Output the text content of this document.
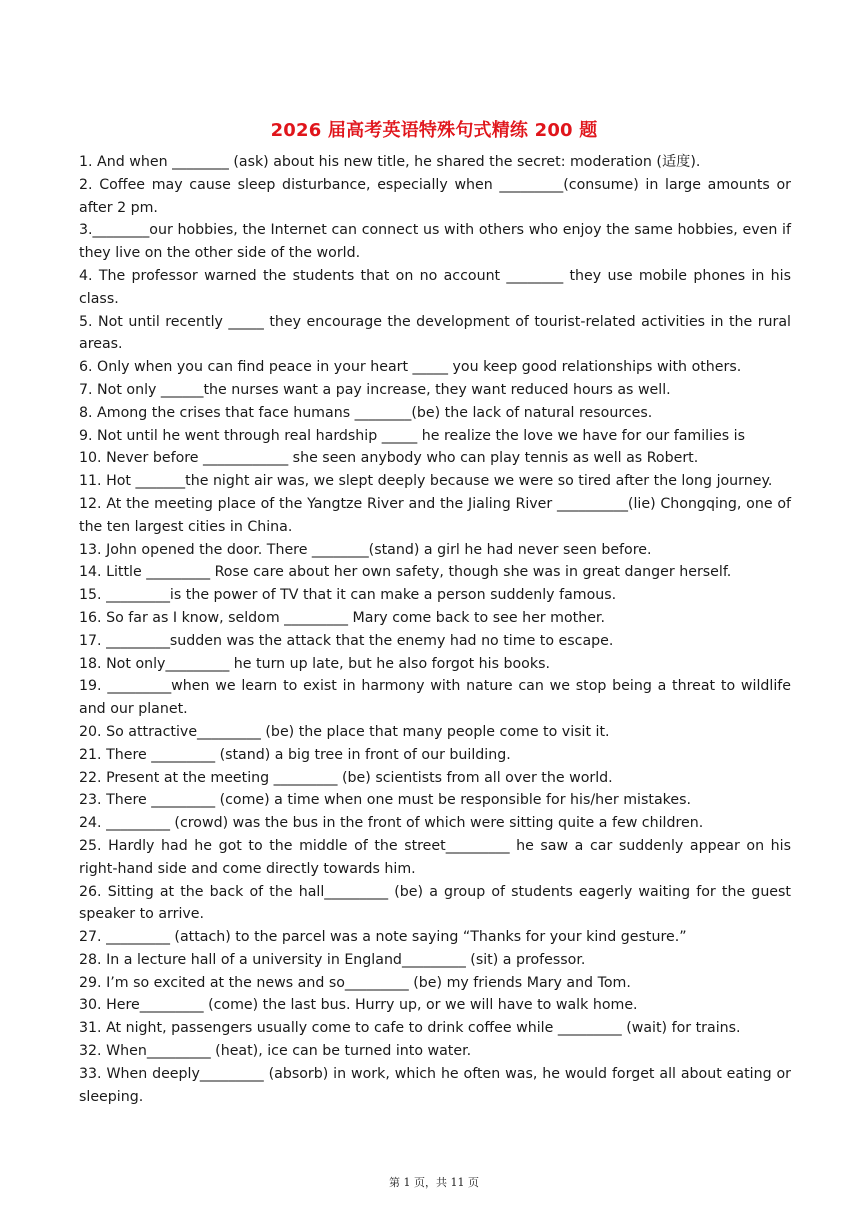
2026 届高考英语特殊句式精练 200 题
1. And when ________ (ask) about his new title, he shared the secret: moderation (适度).
2. Coffee may cause sleep disturbance, especially when _________(consume) in large amounts or after 2 pm.
3.________our hobbies, the Internet can connect us with others who enjoy the same hobbies, even if they live on the other side of the world.
4. The professor warned the students that on no account ________ they use mobile phones in his class.
5. Not until recently _____ they encourage the development of tourist-related activities in the rural areas.
6. Only when you can find peace in your heart _____ you keep good relationships with others.
7. Not only ______the nurses want a pay increase, they want reduced hours as well.
8. Among the crises that face humans ________(be) the lack of natural resources.
9. Not until he went through real hardship _____ he realize the love we have for our families is
10. Never before ____________ she seen anybody who can play tennis as well as Robert.
11. Hot _______the night air was, we slept deeply because we were so tired after the long journey.
12. At the meeting place of the Yangtze River and the Jialing River __________(lie) Chongqing, one of the ten largest cities in China.
13. John opened the door. There ________(stand) a girl he had never seen before.
14. Little _________ Rose care about her own safety, though she was in great danger herself.
15. _________is the power of TV that it can make a person suddenly famous.
16. So far as I know, seldom _________ Mary come back to see her mother.
17. _________sudden was the attack that the enemy had no time to escape.
18. Not only_________ he turn up late, but he also forgot his books.
19. _________when we learn to exist in harmony with nature can we stop being a threat to wildlife and our planet.
20. So attractive_________ (be) the place that many people come to visit it.
21. There _________ (stand) a big tree in front of our building.
22. Present at the meeting _________ (be) scientists from all over the world.
23. There _________ (come) a time when one must be responsible for his/her mistakes.
24. _________ (crowd) was the bus in the front of which were sitting quite a few children.
25. Hardly had he got to the middle of the street_________ he saw a car suddenly appear on his right-hand side and come directly towards him.
26. Sitting at the back of the hall_________ (be) a group of students eagerly waiting for the guest speaker to arrive.
27. _________ (attach) to the parcel was a note saying “Thanks for your kind gesture.”
28. In a lecture hall of a university in England_________ (sit) a professor.
29. I’m so excited at the news and so_________ (be) my friends Mary and Tom.
30. Here_________ (come) the last bus. Hurry up, or we will have to walk home.
31. At night, passengers usually come to cafe to drink coffee while _________ (wait) for trains.
32. When_________ (heat), ice can be turned into water.
33. When deeply_________ (absorb) in work, which he often was, he would forget all about eating or sleeping.
第 1 页，共 11 页
